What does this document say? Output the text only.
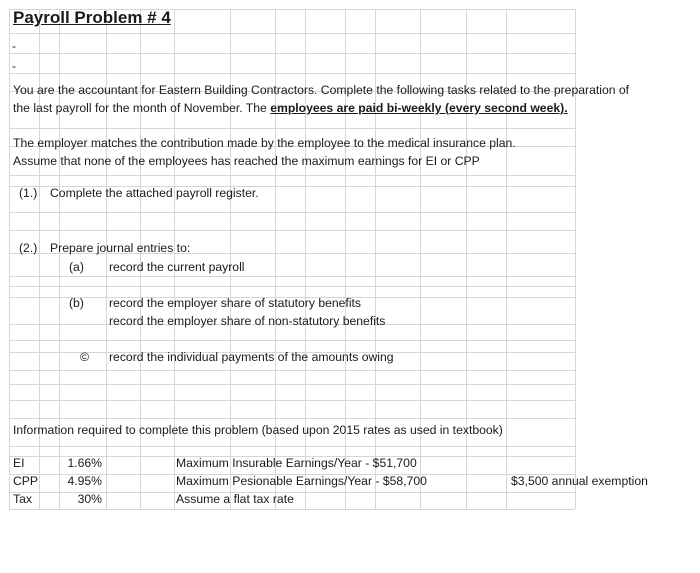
Payroll Problem # 4
-
-
You are the accountant for Eastern Building Contractors. Complete the following tasks related to the preparation of
the last payroll for the month of November. The employees are paid bi-weekly (every second week).
The employer matches the contribution made by the employee to the medical insurance plan.
Assume that none of the employees has reached the maximum earnings for EI or CPP
(1.) Complete the attached payroll register.
(2.) Prepare journal entries to:
(a) record the current payroll
(b) record the employer share of statutory benefits
record the employer share of non-statutory benefits
© record the individual payments of the amounts owing
Information required to complete this problem (based upon 2015 rates as used in textbook)
EI	1.66%	Maximum Insurable Earnings/Year - $51,700
CPP	4.95%	Maximum Pesionable Earnings/Year - $58,700	$3,500 annual exemption
Tax	30%	Assume a flat tax rate
